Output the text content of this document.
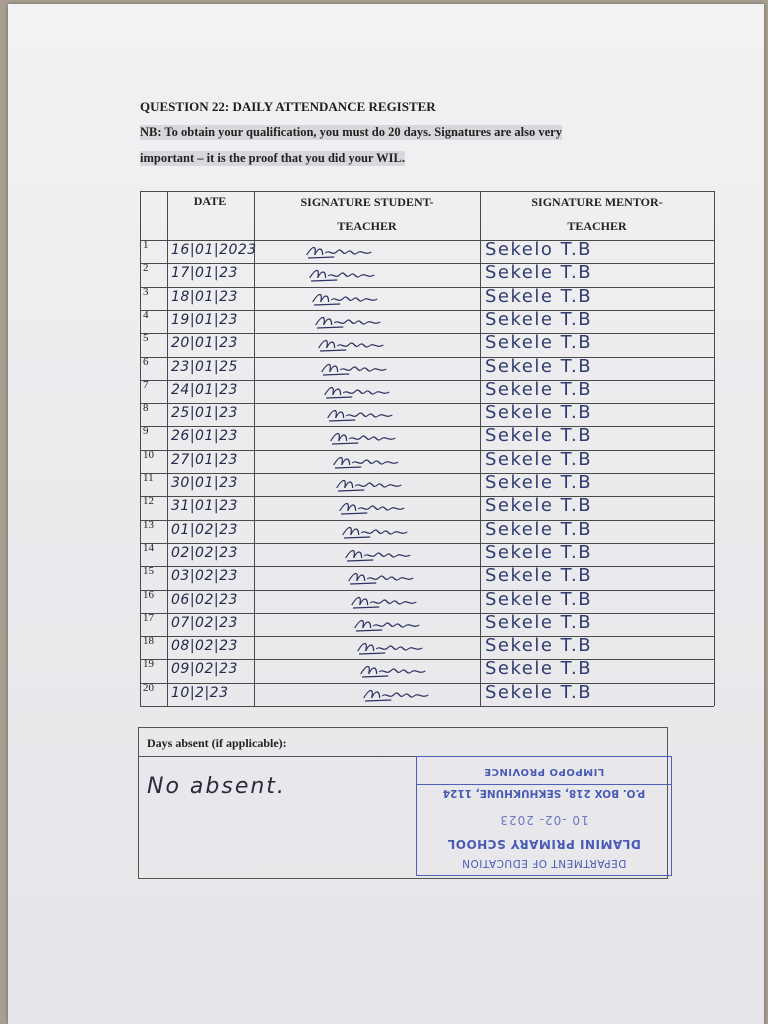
QUESTION 22: DAILY ATTENDANCE REGISTER
NB: To obtain your qualification, you must do 20 days. Signatures are also very
important – it is the proof that you did your WIL.
DATE	SIGNATURE STUDENT-
TEACHER
SIGNATURE MENTOR-
TEACHER
1 16|01|2023	Sekelo T.B
2 17|01|23	Sekele T.B
3 18|01|23	Sekele T.B
4 19|01|23	Sekele T.B
5 20|01|23	Sekele T.B
6 23|01|25	Sekele T.B
7 24|01|23	Sekele T.B
8 25|01|23	Sekele T.B
9 26|01|23	Sekele T.B
10 27|01|23	Sekele T.B
11 30|01|23	Sekele T.B
12 31|01|23	Sekele T.B
13 01|02|23	Sekele T.B
14 02|02|23	Sekele T.B
15 03|02|23	Sekele T.B
16 06|02|23	Sekele T.B
17 07|02|23	Sekele T.B
18 08|02|23	Sekele T.B
19 09|02|23	Sekele T.B
20 10|2|23	Sekele T.B
Days absent (if applicable):
No absent.
DEPARTMENT OF EDUCATION
DLAMINI PRIMARY SCHOOL
10 -02- 2023
P.O. BOX 218, SEKHUKHUNE, 1124
LIMPOPO PROVINCE
